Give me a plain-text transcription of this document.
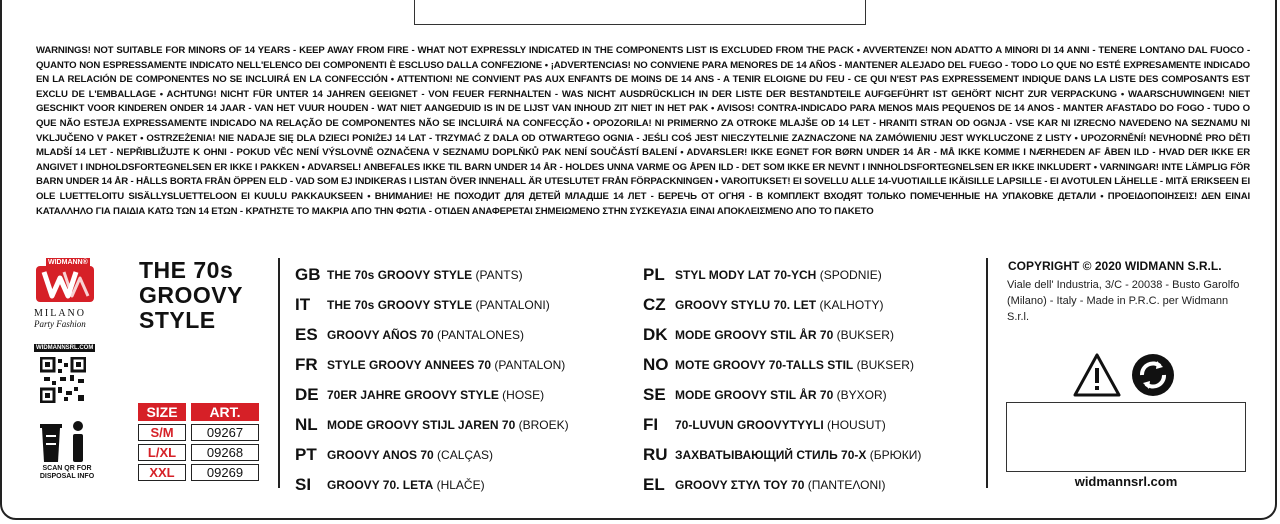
WARNINGS! NOT SUITABLE FOR MINORS OF 14 YEARS - KEEP AWAY FROM FIRE - WHAT NOT EXPRESSLY INDICATED IN THE COMPONENTS LIST IS EXCLUDED FROM THE PACK • AVVERTENZE! NON ADATTO A MINORI DI 14 ANNI - TENERE LONTANO DAL FUOCO - QUANTO NON ESPRESSAMENTE INDICATO NELL'ELENCO DEI COMPONENTI È ESCLUSO DALLA CONFEZIONE • ¡ADVERTENCIAS! NO CONVIENE PARA MENORES DE 14 AÑOS - MANTENER ALEJADO DEL FUEGO - TODO LO QUE NO ESTÉ EXPRESAMENTE INDICADO EN LA RELACIÓN DE COMPONENTES NO SE INCLUIRÁ EN LA CONFECCIÓN • ATTENTION! NE CONVIENT PAS AUX ENFANTS DE MOINS DE 14 ANS - A TENIR ELOIGNE DU FEU - CE QUI N'EST PAS EXPRESSEMENT INDIQUE DANS LA LISTE DES COMPOSANTS EST EXCLU DE L'EMBALLAGE • ACHTUNG! NICHT FÜR UNTER 14 JAHREN GEEIGNET - VON FEUER FERNHALTEN - WAS NICHT AUSDRÜCKLICH IN DER LISTE DER BESTANDTEILE AUFGEFÜHRT IST GEHÖRT NICHT ZUR VERPACKUNG • WAARSCHUWINGEN! NIET GESCHIKT VOOR KINDEREN ONDER 14 JAAR - VAN HET VUUR HOUDEN - WAT NIET AANGEDUID IS IN DE LIJST VAN INHOUD ZIT NIET IN HET PAK • AVISOS! CONTRA-INDICADO PARA MENOS MAIS PEQUENOS DE 14 ANOS - MANTER AFASTADO DO FOGO - TUDO O QUE NÃO ESTEJA EXPRESSAMENTE INDICADO NA RELAÇÃO DE COMPONENTES NÃO SE INCLUIRÁ NA CONFECÇÃO • OPOZORILA! NI PRIMERNO ZA OTROKE MLAJŠE OD 14 LET - HRANITI STRAN OD OGNJA - VSE KAR NI IZRECNO NAVEDENO NA SEZNAMU NI VKLJUČENO V PAKET • OSTRZEŻENIA! NIE NADAJE SIĘ DLA DZIECI PONIŻEJ 14 LAT - TRZYMAĆ Z DALA OD OTWARTEGO OGNIA - JEŚLI COŚ JEST NIECZYTELNIE ZAZNACZONE NA ZAMÓWIENIU JEST WYKLUCZONE Z LISTY • UPOZORNĚNÍ! NEVHODNÉ PRO DĚTI MLADŠÍ 14 LET - NEPŘIBLIŽUJTE K OHNI - POKUD VĚC NENÍ VÝSLOVNĚ OZNAČENA V SEZNAMU DOPLŇKŮ PAK NENÍ SOUČÁSTÍ BALENÍ • ADVARSLER! IKKE EGNET FOR BØRN UNDER 14 ÅR - MÅ IKKE KOMME I NÆRHEDEN AF ÅBEN ILD - HVAD DER IKKE ER ANGIVET I INDHOLDSFORTEGNELSEN ER IKKE I PAKKEN • ADVARSEL! ANBEFALES IKKE TIL BARN UNDER 14 ÅR - HOLDES UNNA VARME OG ÅPEN ILD - DET SOM IKKE ER NEVNT I INNHOLDSFORTEGNELSEN ER IKKE INKLUDERT • VARNINGAR! INTE LÄMPLIG FÖR BARN UNDER 14 ÅR - HÅLLS BORTA FRÅN ÖPPEN ELD - VAD SOM EJ INDIKERAS I LISTAN ÖVER INNEHALL ÄR UTESLUTET FRÅN FÖRPACKNINGEN • VAROITUKSET! EI SOVELLU ALLE 14-VUOTIAILLE IKÄISILLE LAPSILLE - EI AVOTULEN LÄHELLE - MITÄ ERIKSEEN EI OLE LUETTELOITU SISÄLLYSLUETTELOON EI KUULU PAKKAUKSEEN • ВНИМАНИЕ! НЕ ПОХОДИТ ДЛЯ ДЕТЕЙ МЛАДШЕ 14 ЛЕТ - БЕРЕЧЬ ОТ ОГНЯ - В КОМПЛЕКТ ВХОДЯТ ТОЛЬКО ПОМЕЧЕННЫЕ НА УПАКОВКЕ ДЕТАЛИ • ΠΡΟΕΙΔΟΠΟΙΗΣΕΙΣ! ΔΕΝ ΕΙΝΑΙ ΚΑΤΑΛΛΗΛΟ ΓΙΑ ΠΑΙΔΙΑ ΚΑΤΩ ΤΩΝ 14 ΕΤΩΝ - ΚΡΑΤΗΣΤΕ ΤΟ ΜΑΚΡΙΑ ΑΠΟ ΤΗΝ ΦΩΤΙΑ - ΟΤΙΔΕΝ ΑΝΑΦΕΡΕΤΑΙ ΣΗΜΕΙΩΜΕΝΟ ΣΤΗΝ ΣΥΣΚΕΥΑΣΙΑ ΕΙΝΑΙ ΑΠΟΚΛΕΙΣΜΕΝΟ ΑΠΟ ΤΟ ΠΑΚΕΤΟ
WIDMANN®
MILANO
Party Fashion
WIDMANNSRL.COM
SCAN QR FOR DISPOSAL INFO
THE 70s
GROOVY
STYLE
SIZE	ART.
S/M	09267
L/XL	09268
XXL	09269
GB THE 70s GROOVY STYLE (PANTS)
IT	THE 70s GROOVY STYLE (PANTALONI)
ES GROOVY AÑOS 70 (PANTALONES)
FR STYLE GROOVY ANNEES 70 (PANTALON)
DE 70ER JAHRE GROOVY STYLE (HOSE)
NL MODE GROOVY STIJL JAREN 70 (BROEK)
PT GROOVY ANOS 70 (CALÇAS)
SI	GROOVY 70. LETA (HLAČE)
PL STYL MODY LAT 70-YCH (SPODNIE)
CZ GROOVY STYLU 70. LET (KALHOTY)
DK MODE GROOVY STIL ÅR 70 (BUKSER)
NO MOTE GROOVY 70-TALLS STIL (BUKSER)
SE MODE GROOVY STIL ÅR 70 (BYXOR)
FI	70-LUVUN GROOVYTYYLI (HOUSUT)
RU ЗАХВАТЫВАЮЩИЙ СТИЛЬ 70-Х (БРЮКИ)
EL GROOVY ΣΤΥΛ ΤΟΥ 70 (ΠΑΝΤΕΛΟΝΙ)
COPYRIGHT © 2020 WIDMANN S.R.L.
Viale dell' Industria, 3/C - 20038 - Busto Garolfo (Milano) - Italy - Made in P.R.C. per Widmann S.r.l.
widmannsrl.com
